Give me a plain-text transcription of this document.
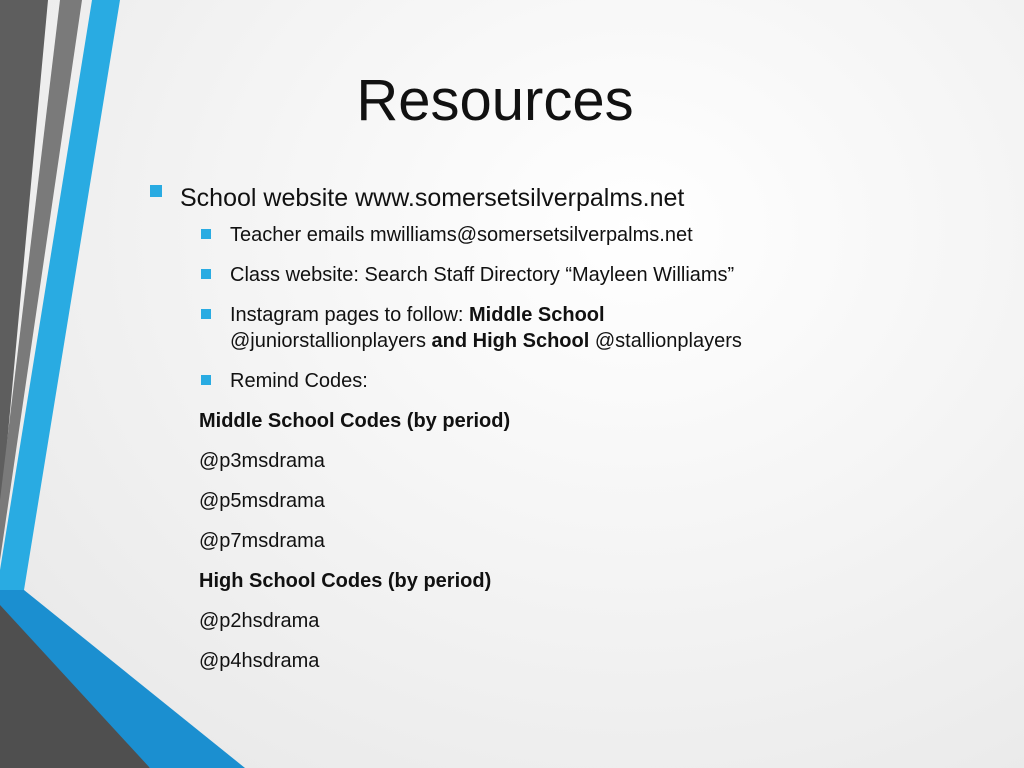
Resources

School website www.somersetsilverpalms.net

Teacher emails mwilliams@somersetsilverpalms.net

Class website: Search Staff Directory “Mayleen Williams”

Instagram pages to follow: Middle School
@juniorstallionplayers and High School @stallionplayers

Remind Codes:

Middle School Codes (by period)

@p3msdrama

@p5msdrama

@p7msdrama

High School Codes (by period)

@p2hsdrama

@p4hsdrama
